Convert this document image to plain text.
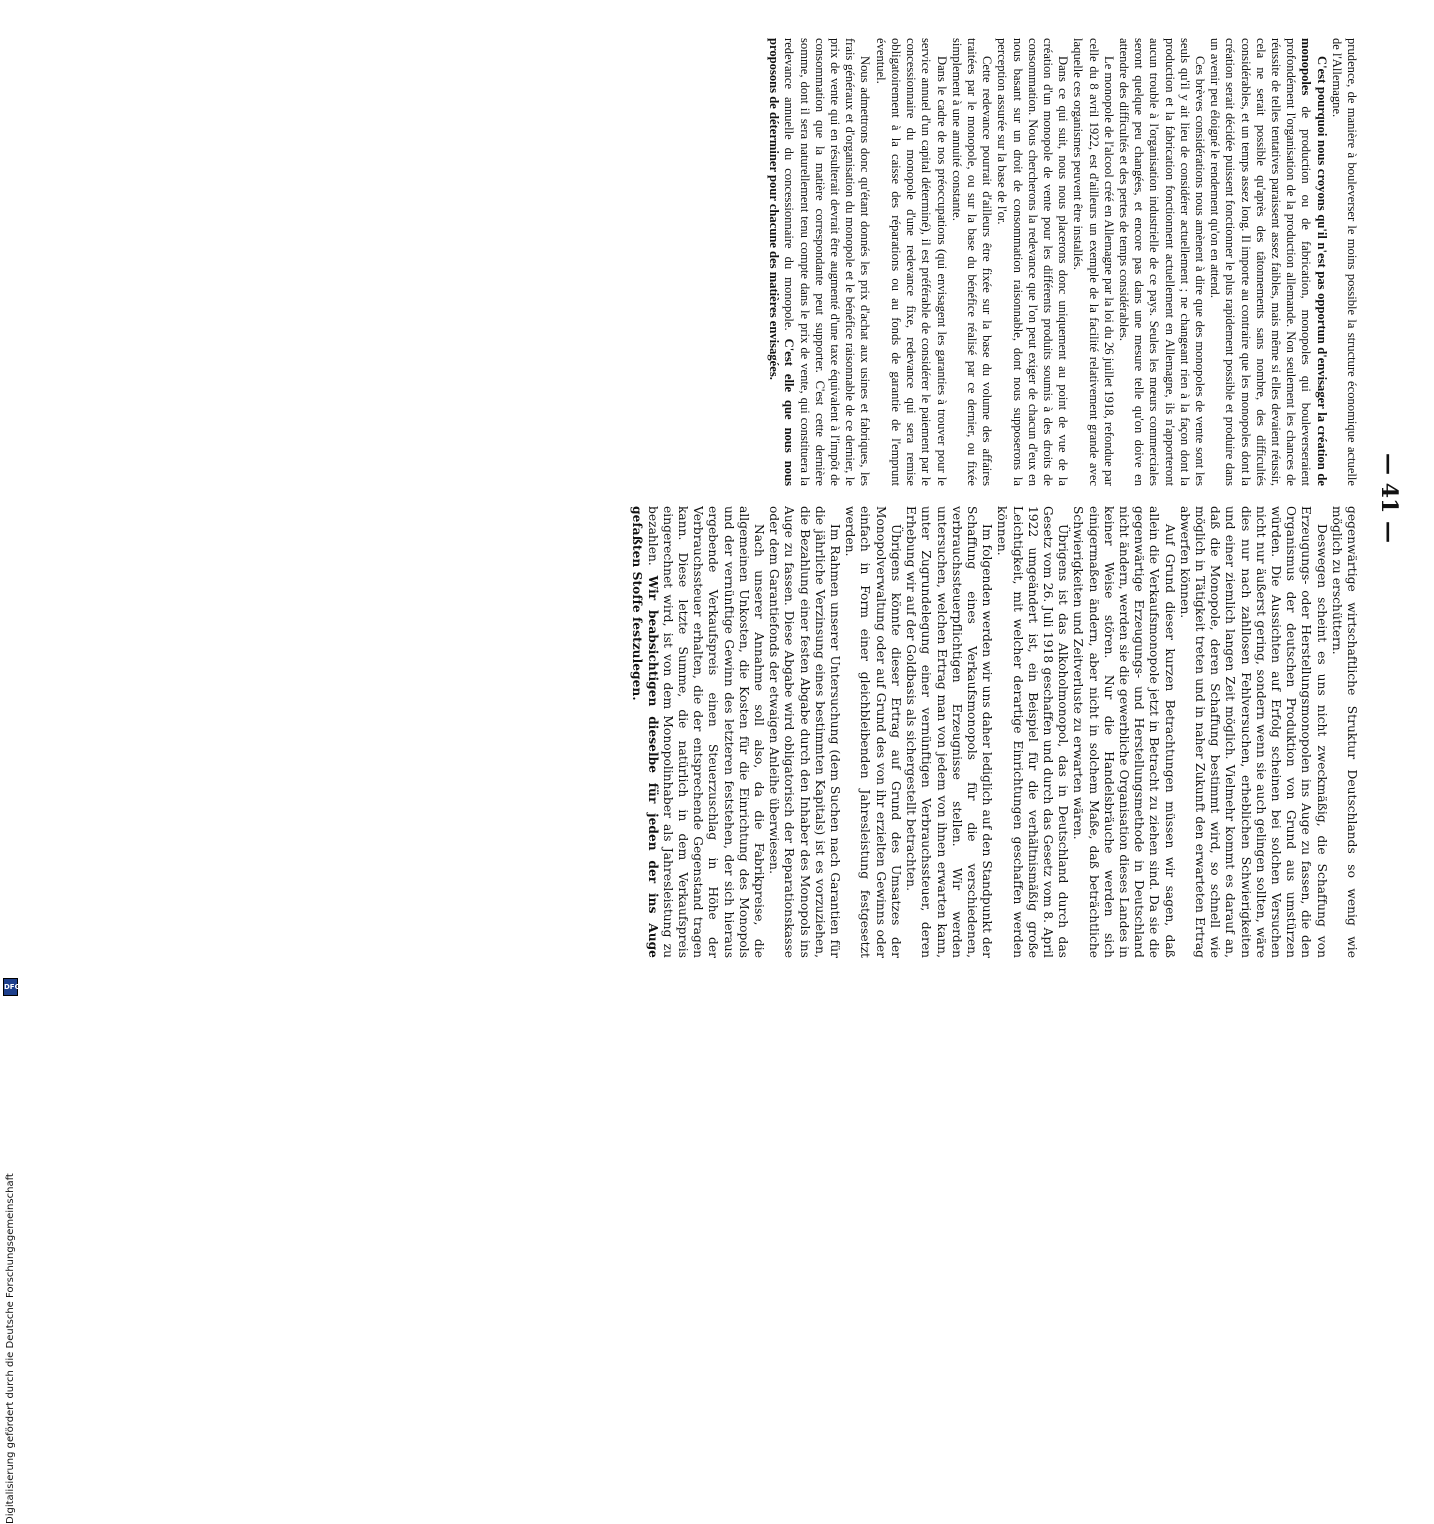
— 41 —

prudence, de manière à bouleverser le moins possible la structure économique actuelle de l'Allemagne.

C'est pourquoi nous croyons qu'il n'est pas opportun d'envisager la création de monopoles de production ou de fabrication, monopoles qui bouleverseraient profondément l'organisation de la production allemande. Non seulement les chances de réussite de telles tentatives paraissent assez faibles, mais même si elles devaient réussir, cela ne serait possible qu'après des tâtonnements sans nombre, des difficultés considérables, et un temps assez long. Il importe au contraire que les monopoles dont la création serait décidée puissent fonctionner le plus rapidement possible et produire dans un avenir peu éloigné le rendement qu'on en attend.

Ces brèves considérations nous amènent à dire que des monopoles de vente sont les seuls qu'il y ait lieu de considérer actuellement ; ne changeant rien à la façon dont la production et la fabrication fonctionnent actuellement en Allemagne, ils n'apporteront aucun trouble à l'organisation industrielle de ce pays. Seules les mœurs commerciales seront quelque peu changées, et encore pas dans une mesure telle qu'on doive en attendre des difficultés et des pertes de temps considérables.

Le monopole de l'alcool créé en Allemagne par la loi du 26 juillet 1918, refondue par celle du 8 avril 1922, est d'ailleurs un exemple de la facilité relativement grande avec laquelle ces organismes peuvent être installés.

Dans ce qui suit, nous nous placerons donc uniquement au point de vue de la création d'un monopole de vente pour les différents produits soumis à des droits de consommation. Nous chercherons la redevance que l'on peut exiger de chacun d'eux en nous basant sur un droit de consommation raisonnable, dont nous supposerons la perception assurée sur la base de l'or.

Cette redevance pourrait d'ailleurs être fixée sur la base du volume des affaires traitées par le monopole, ou sur la base du bénéfice réalisé par ce dernier, ou fixée simplement à une annuité constante.

Dans le cadre de nos préoccupations (qui envisagent les garanties à trouver pour le service annuel d'un capital déterminé), il est préférable de considérer le paiement par le concessionnaire du monopole d'une redevance fixe, redevance qui sera remise obligatoirement à la caisse des réparations ou au fonds de garantie de l'emprunt éventuel.

Nous admettrons donc qu'étant donnés les prix d'achat aux usines et fabriques, les frais généraux et d'organisation du monopole et le bénéfice raisonnable de ce dernier, le prix de vente qui en résulterait devrait être augmenté d'une taxe équivalent à l'impôt de consommation que la matière correspondante peut supporter. C'est cette dernière somme, dont il sera naturellement tenu compte dans le prix de vente, qui constituera la redevance annuelle du concessionnaire du monopole. C'est elle que nous nous proposons de déterminer pour chacune des matières envisagées.

gegenwärtige wirtschaftliche Struktur Deutschlands so wenig wie möglich zu erschüttern.

Deswegen scheint es uns nicht zweckmäßig, die Schaffung von Erzeugungs- oder Herstellungsmonopolen ins Auge zu fassen, die den Organismus der deutschen Produktion von Grund aus umstürzen würden. Die Aussichten auf Erfolg scheinen bei solchen Versuchen nicht nur äußerst gering, sondern wenn sie auch gelingen sollten, wäre dies nur nach zahllosen Fehlversuchen, erheblichen Schwierigkeiten und einer ziemlich langen Zeit möglich. Vielmehr kommt es darauf an, daß die Monopole, deren Schaffung bestimmt wird, so schnell wie möglich in Tätigkeit treten und in naher Zukunft den erwarteten Ertrag abwerfen können.

Auf Grund dieser kurzen Betrachtungen müssen wir sagen, daß allein die Verkaufsmonopole jetzt in Betracht zu ziehen sind. Da sie die gegenwärtige Erzeugungs- und Herstellungsmethode in Deutschland nicht ändern, werden sie die gewerbliche Organisation dieses Landes in keiner Weise stören. Nur die Handelsbräuche werden sich einigermaßen ändern, aber nicht in solchem Maße, daß beträchtliche Schwierigkeiten und Zeitverluste zu erwarten wären.

Übrigens ist das Alkoholmonopol, das in Deutschland durch das Gesetz vom 26. Juli 1918 geschaffen und durch das Gesetz vom 8. April 1922 umgeändert ist, ein Beispiel für die verhältnismäßig große Leichtigkeit, mit welcher derartige Einrichtungen geschaffen werden können.

Im folgenden werden wir uns daher lediglich auf den Standpunkt der Schaffung eines Verkaufsmonopols für die verschiedenen, verbrauchssteuerpflichtigen Erzeugnisse stellen. Wir werden untersuchen, welchen Ertrag man von jedem von ihnen erwarten kann, unter Zugrundelegung einer vernünftigen Verbrauchssteuer, deren Erhebung wir auf der Goldbasis als sichergestellt betrachten.

Übrigens könnte dieser Ertrag auf Grund des Umsatzes der Monopolverwaltung oder auf Grund des von ihr erzielten Gewinns oder einfach in Form einer gleichbleibenden Jahresleistung festgesetzt werden.

Im Rahmen unserer Untersuchung (dem Suchen nach Garantien für die jährliche Verzinsung eines bestimmten Kapitals) ist es vorzuziehen, die Bezahlung einer festen Abgabe durch den Inhaber des Monopols ins Auge zu fassen. Diese Abgabe wird obligatorisch der Reparationskasse oder dem Garantiefonds der etwaigen Anleihe überwiesen.

Nach unserer Annahme soll also, da die Fabrikpreise, die allgemeinen Unkosten, die Kosten für die Einrichtung des Monopols und der vernünftige Gewinn des letzteren feststehen, der sich hieraus ergebende Verkaufspreis einen Steuerzuschlag in Höhe der Verbrauchssteuer erhalten, die der entsprechende Gegenstand tragen kann. Diese letzte Summe, die natürlich in dem Verkaufspreis eingerechnet wird, ist von dem Monopolinhaber als Jahresleistung zu bezahlen. Wir beabsichtigen dieselbe für jeden der ins Auge gefaßten Stoffe festzulegen.

Digitalisierung gefördert durch die Deutsche Forschungsgemeinschaft
DFG
